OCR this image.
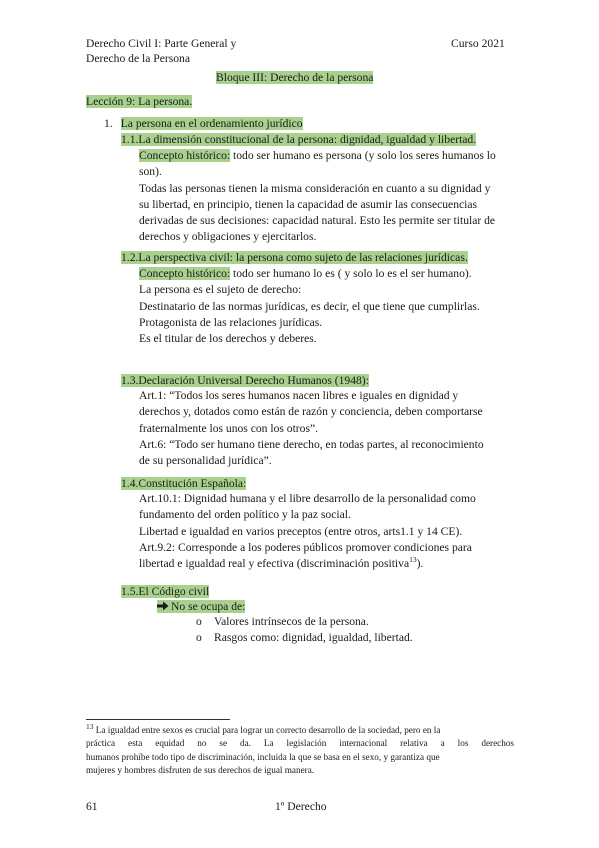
Derecho Civil I: Parte General y
Derecho de la Persona
Curso 2021
Bloque III: Derecho de la persona
Lección 9: La persona.
1. La persona en el ordenamiento jurídico
1.1.La dimensión constitucional de la persona: dignidad, igualdad y libertad.
Concepto histórico: todo ser humano es persona (y solo los seres humanos lo
son).
Todas las personas tienen la misma consideración en cuanto a su dignidad y
su libertad, en principio, tienen la capacidad de asumir las consecuencias
derivadas de sus decisiones: capacidad natural. Esto les permite ser titular de
derechos y obligaciones y ejercitarlos.
1.2.La perspectiva civil: la persona como sujeto de las relaciones jurídicas.
Concepto histórico: todo ser humano lo es ( y solo lo es el ser humano).
La persona es el sujeto de derecho:
Destinatario de las normas jurídicas, es decir, el que tiene que cumplirlas.
Protagonista de las relaciones jurídicas.
Es el titular de los derechos y deberes.
1.3.Declaración Universal Derecho Humanos (1948):
Art.1: “Todos los seres humanos nacen libres e iguales en dignidad y
derechos y, dotados como están de razón y conciencia, deben comportarse
fraternalmente los unos con los otros”.
Art.6: “Todo ser humano tiene derecho, en todas partes, al reconocimiento
de su personalidad jurídica”.
1.4.Constitución Española:
Art.10.1: Dignidad humana y el libre desarrollo de la personalidad como
fundamento del orden político y la paz social.
Libertad e igualdad en varios preceptos (entre otros, arts1.1 y 14 CE).
Art.9.2: Corresponde a los poderes públicos promover condiciones para
libertad e igualdad real y efectiva (discriminación positiva$^{13}$).
1.5.El Código civil
No se ocupa de:
o Valores intrínsecos de la persona.
o Rasgos como: dignidad, igualdad, libertad.
$^{13}$ La igualdad entre sexos es crucial para lograr un correcto desarrollo de la sociedad, pero en la
práctica esta equidad no se da. La legislación internacional relativa a los derechos
humanos prohíbe todo tipo de discriminación, incluida la que se basa en el sexo, y garantiza que
mujeres y hombres disfruten de sus derechos de igual manera.
61	1º Derecho
